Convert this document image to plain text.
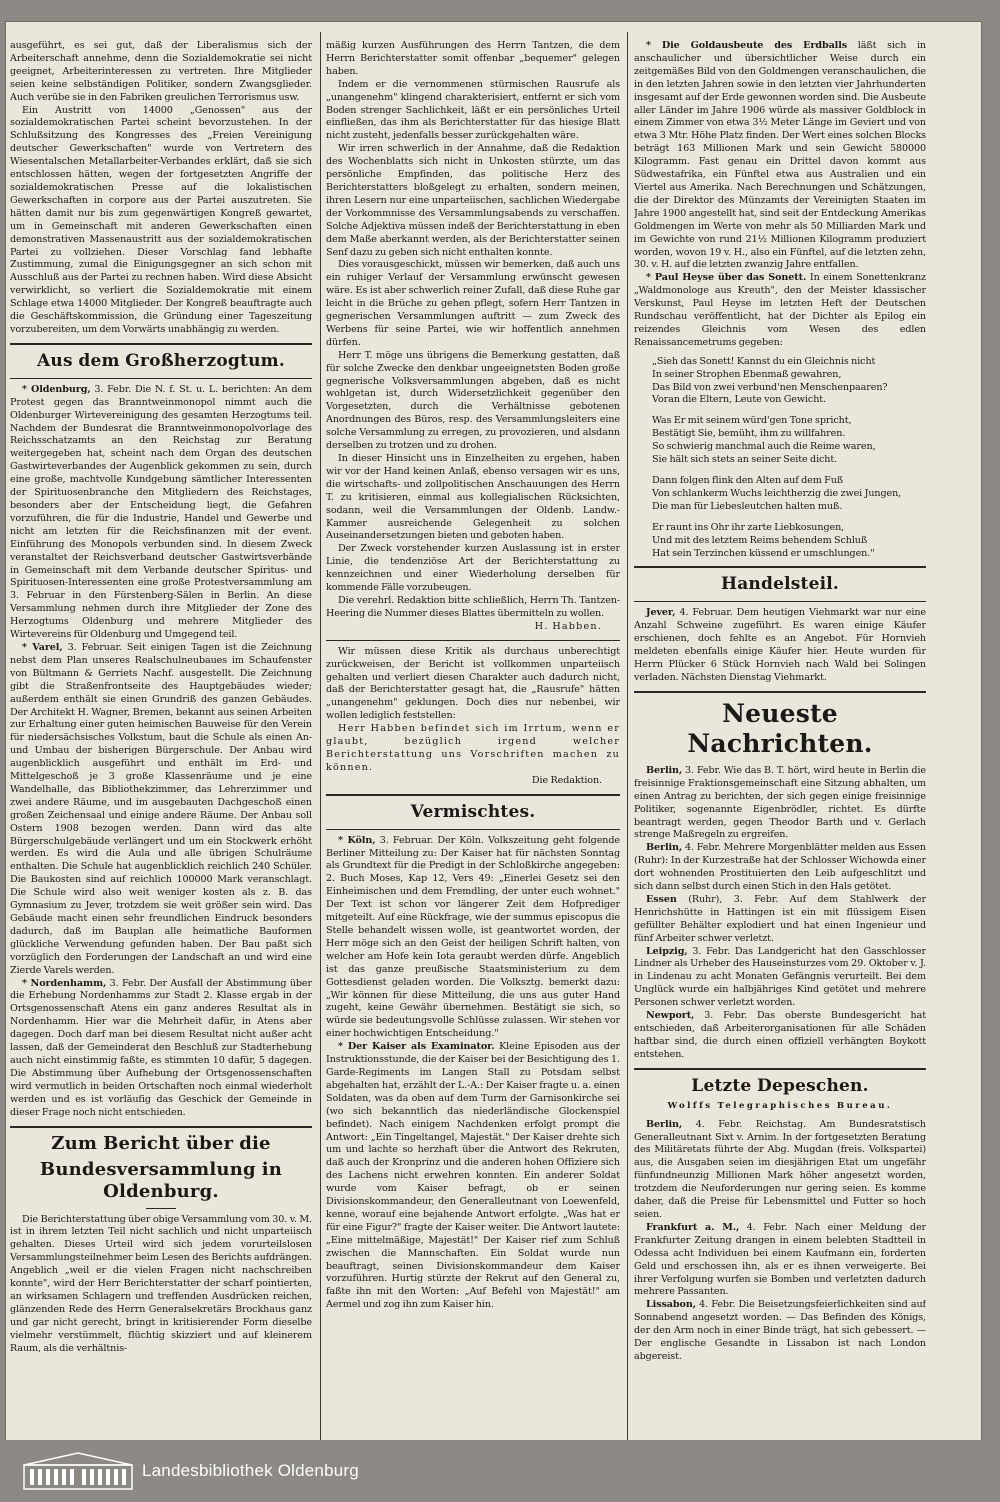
ausgeführt, es sei gut, daß der Liberalismus sich der Arbeiterschaft annehme, denn die Sozialdemokratie sei nicht geeignet, Arbeiterinteressen zu vertreten. Ihre Mitglieder seien keine selbständigen Politiker, sondern Zwangsglieder. Auch verübe sie in den Fabriken greulichen Terrorismus usw.

Ein Austritt von 14000 „Genossen" aus der sozialdemokratischen Partei scheint bevorzustehen. In der Schlußsitzung des Kongresses des „Freien Vereinigung deutscher Gewerkschaften" wurde von Vertretern des Wiesentalschen Metallarbeiter-Verbandes erklärt, daß sie sich entschlossen hätten, wegen der fortgesetzten Angriffe der sozialdemokratischen Presse auf die lokalistischen Gewerkschaften in corpore aus der Partei auszutreten. Sie hätten damit nur bis zum gegenwärtigen Kongreß gewartet, um in Gemeinschaft mit anderen Gewerkschaften einen demonstrativen Massenaustritt aus der sozialdemokratischen Partei zu vollziehen. Dieser Vorschlag fand lebhafte Zustimmung, zumal die Einigungsgegner an sich schon mit Ausschluß aus der Partei zu rechnen haben. Wird diese Absicht verwirklicht, so verliert die Sozialdemokratie mit einem Schlage etwa 14000 Mitglieder. Der Kongreß beauftragte auch die Geschäftskommission, die Gründung einer Tageszeitung vorzubereiten, um dem Vorwärts unabhängig zu werden.

Aus dem Großherzogtum.

* Oldenburg, 3. Febr. Die N. f. St. u. L. berichten: An dem Protest gegen das Branntweinmonopol nimmt auch die Oldenburger Wirtevereinigung des gesamten Herzogtums teil. Nachdem der Bundesrat die Branntweinmonopolvorlage des Reichsschatzamts an den Reichstag zur Beratung weitergegeben hat, scheint nach dem Organ des deutschen Gastwirteverbandes der Augenblick gekommen zu sein, durch eine große, machtvolle Kundgebung sämtlicher Interessenten der Spirituosenbranche den Mitgliedern des Reichstages, besonders aber der Entscheidung liegt, die Gefahren vorzuführen, die für die Industrie, Handel und Gewerbe und nicht am letzten für die Reichsfinanzen mit der event. Einführung des Monopols verbunden sind. In diesem Zweck veranstaltet der Reichsverband deutscher Gastwirtsverbände in Gemeinschaft mit dem Verbande deutscher Spiritus- und Spirituosen-Interessenten eine große Protestversammlung am 3. Februar in den Fürstenberg-Sälen in Berlin. An diese Versammlung nehmen durch ihre Mitglieder der Zone des Herzogtums Oldenburg und mehrere Mitglieder des Wirtevereins für Oldenburg und Umgegend teil.

* Varel, 3. Februar. Seit einigen Tagen ist die Zeichnung nebst dem Plan unseres Realschulneubaues im Schaufenster von Bültmann & Gerriets Nachf. ausgestellt. Die Zeichnung gibt die Straßenfrontseite des Hauptgebäudes wieder; außerdem enthält sie einen Grundriß des ganzen Gebäudes. Der Architekt H. Wagner, Bremen, bekannt aus seinen Arbeiten zur Erhaltung einer guten heimischen Bauweise für den Verein für niedersächsisches Volkstum, baut die Schule als einen An- und Umbau der bisherigen Bürgerschule. Der Anbau wird augenblicklich ausgeführt und enthält im Erd- und Mittelgeschoß je 3 große Klassenräume und je eine Wandelhalle, das Bibliothekzimmer, das Lehrerzimmer und zwei andere Räume, und im ausgebauten Dachgeschoß einen großen Zeichensaal und einige andere Räume. Der Anbau soll Ostern 1908 bezogen werden. Dann wird das alte Bürgerschulgebäude verlängert und um ein Stockwerk erhöht werden. Es wird die Aula und alle übrigen Schulräume enthalten. Die Schule hat augenblicklich reichlich 240 Schüler. Die Baukosten sind auf reichlich 100000 Mark veranschlagt. Die Schule wird also weit weniger kosten als z. B. das Gymnasium zu Jever, trotzdem sie weit größer sein wird. Das Gebäude macht einen sehr freundlichen Eindruck besonders dadurch, daß im Bauplan alle heimatliche Bauformen glückliche Verwendung gefunden haben. Der Bau paßt sich vorzüglich den Forderungen der Landschaft an und wird eine Zierde Varels werden.

* Nordenhamm, 3. Febr. Der Ausfall der Abstimmung über die Erhebung Nordenhamms zur Stadt 2. Klasse ergab in der Ortsgenossenschaft Atens ein ganz anderes Resultat als in Nordenhamm. Hier war die Mehrheit dafür, in Atens aber dagegen. Doch darf man bei diesem Resultat nicht außer acht lassen, daß der Gemeinderat den Beschluß zur Stadterhebung auch nicht einstimmig faßte, es stimmten 10 dafür, 5 dagegen. Die Abstimmung über Aufhebung der Ortsgenossenschaften wird vermutlich in beiden Ortschaften noch einmal wiederholt werden und es ist vorläufig das Geschick der Gemeinde in dieser Frage noch nicht entschieden.

Zum Bericht über die
Bundesversammlung in Oldenburg.

Die Berichterstattung über obige Versammlung vom 30. v. M. ist in ihrem letzten Teil nicht sachlich und nicht unparteiisch gehalten. Dieses Urteil wird sich jedem vorurteilslosen Versammlungsteilnehmer beim Lesen des Berichts aufdrängen. Angeblich „weil er die vielen Fragen nicht nachschreiben konnte", wird der Herr Berichterstatter der scharf pointierten, an wirksamen Schlagern und treffenden Ausdrücken reichen, glänzenden Rede des Herrn Generalsekretärs Brockhaus ganz und gar nicht gerecht, bringt in kritisierender Form dieselbe vielmehr verstümmelt, flüchtig skizziert und auf kleinerem Raum, als die verhältnis-

mäßig kurzen Ausführungen des Herrn Tantzen, die dem Herrn Berichterstatter somit offenbar „bequemer" gelegen haben.

Indem er die vernommenen stürmischen Rausrufe als „unangenehm" klingend charakterisiert, entfernt er sich vom Boden strenger Sachlichkeit, läßt er ein persönliches Urteil einfließen, das ihm als Berichterstatter für das hiesige Blatt nicht zusteht, jedenfalls besser zurückgehalten wäre.

Wir irren schwerlich in der Annahme, daß die Redaktion des Wochenblatts sich nicht in Unkosten stürzte, um das persönliche Empfinden, das politische Herz des Berichterstatters bloßgelegt zu erhalten, sondern meinen, ihren Lesern nur eine unparteiischen, sachlichen Wiedergabe der Vorkommnisse des Versammlungsabends zu verschaffen. Solche Adjektiva müssen indeß der Berichterstattung in eben dem Maße aberkannt werden, als der Berichterstatter seinen Senf dazu zu geben sich nicht enthalten konnte.

Dies vorausgeschickt, müssen wir bemerken, daß auch uns ein ruhiger Verlauf der Versammlung erwünscht gewesen wäre. Es ist aber schwerlich reiner Zufall, daß diese Ruhe gar leicht in die Brüche zu gehen pflegt, sofern Herr Tantzen in gegnerischen Versammlungen auftritt — zum Zweck des Werbens für seine Partei, wie wir hoffentlich annehmen dürfen.

Herr T. möge uns übrigens die Bemerkung gestatten, daß für solche Zwecke den denkbar ungeeignetsten Boden große gegnerische Volksversammlungen abgeben, daß es nicht wohlgetan ist, durch Widersetzlichkeit gegenüber den Vorgesetzten, durch die Verhältnisse gebotenen Anordnungen des Büros, resp. des Versammlungsleiters eine solche Versammlung zu erregen, zu provozieren, und alsdann derselben zu trotzen und zu drohen.

In dieser Hinsicht uns in Einzelheiten zu ergehen, haben wir vor der Hand keinen Anlaß, ebenso versagen wir es uns, die wirtschafts- und zollpolitischen Anschauungen des Herrn T. zu kritisieren, einmal aus kollegialischen Rücksichten, sodann, weil die Versammlungen der Oldenb. Landw.-Kammer ausreichende Gelegenheit zu solchen Auseinandersetzungen bieten und geboten haben.

Der Zweck vorstehender kurzen Auslassung ist in erster Linie, die tendenziöse Art der Berichterstattung zu kennzeichnen und einer Wiederholung derselben für kommende Fälle vorzubeugen.

Die verehrl. Redaktion bitte schließlich, Herrn Th. Tantzen-Heering die Nummer dieses Blattes übermitteln zu wollen.

H. Habben.

Wir müssen diese Kritik als durchaus unberechtigt zurückweisen, der Bericht ist vollkommen unparteiisch gehalten und verliert diesen Charakter auch dadurch nicht, daß der Berichterstatter gesagt hat, die „Rausrufe" hätten „unangenehm" geklungen. Doch dies nur nebenbei, wir wollen lediglich feststellen:

Herr Habben befindet sich im Irrtum, wenn er glaubt, bezüglich irgend welcher Berichterstattung uns Vorschriften machen zu können.

Die Redaktion.

Vermischtes.

* Köln, 3. Februar. Der Köln. Volkszeitung geht folgende Berliner Mitteilung zu: Der Kaiser hat für nächsten Sonntag als Grundtext für die Predigt in der Schloßkirche angegeben: 2. Buch Moses, Kap 12, Vers 49: „Einerlei Gesetz sei den Einheimischen und dem Fremdling, der unter euch wohnet." Der Text ist schon vor längerer Zeit dem Hofprediger mitgeteilt. Auf eine Rückfrage, wie der summus episcopus die Stelle behandelt wissen wolle, ist geantwortet worden, der Herr möge sich an den Geist der heiligen Schrift halten, von welcher am Hofe kein Iota geraubt werden dürfe. Angeblich ist das ganze preußische Staatsministerium zu dem Gottesdienst geladen worden. Die Volksztg. bemerkt dazu: „Wir können für diese Mitteilung, die uns aus guter Hand zugeht, keine Gewähr übernehmen. Bestätigt sie sich, so würde sie bedeutungsvolle Schlüsse zulassen. Wir stehen vor einer hochwichtigen Entscheidung."

* Der Kaiser als Examinator. Kleine Episoden aus der Instruktionsstunde, die der Kaiser bei der Besichtigung des 1. Garde-Regiments im Langen Stall zu Potsdam selbst abgehalten hat, erzählt der L.-A.: Der Kaiser fragte u. a. einen Soldaten, was da oben auf dem Turm der Garnisonkirche sei (wo sich bekanntlich das niederländische Glockenspiel befindet). Nach einigem Nachdenken erfolgt prompt die Antwort: „Ein Tingeltangel, Majestät." Der Kaiser drehte sich um und lachte so herzhaft über die Antwort des Rekruten, daß auch der Kronprinz und die anderen hohen Offiziere sich des Lachens nicht erwehren konnten. Ein anderer Soldat wurde vom Kaiser befragt, ob er seinen Divisionskommandeur, den Generalleutnant von Loewenfeld, kenne, worauf eine bejahende Antwort erfolgte. „Was hat er für eine Figur?" fragte der Kaiser weiter. Die Antwort lautete: „Eine mittelmäßige, Majestät!" Der Kaiser rief zum Schluß zwischen die Mannschaften. Ein Soldat wurde nun beauftragt, seinen Divisionskommandeur dem Kaiser vorzuführen. Hurtig stürzte der Rekrut auf den General zu, faßte ihn mit den Worten: „Auf Befehl von Majestät!" am Aermel und zog ihn zum Kaiser hin.

* Die Goldausbeute des Erdballs läßt sich in anschaulicher und übersichtlicher Weise durch ein zeitgemäßes Bild von den Goldmengen veranschaulichen, die in den letzten Jahren sowie in den letzten vier Jahrhunderten insgesamt auf der Erde gewonnen worden sind. Die Ausbeute aller Länder im Jahre 1906 würde als massiver Goldblock in einem Zimmer von etwa 3½ Meter Länge im Geviert und von etwa 3 Mtr. Höhe Platz finden. Der Wert eines solchen Blocks beträgt 163 Millionen Mark und sein Gewicht 580000 Kilogramm. Fast genau ein Drittel davon kommt aus Südwestafrika, ein Fünftel etwa aus Australien und ein Viertel aus Amerika. Nach Berechnungen und Schätzungen, die der Direktor des Münzamts der Vereinigten Staaten im Jahre 1900 angestellt hat, sind seit der Entdeckung Amerikas Goldmengen im Werte von mehr als 50 Milliarden Mark und im Gewichte von rund 21½ Millionen Kilogramm produziert worden, wovon 19 v. H., also ein Fünftel, auf die letzten zehn, 30. v. H. auf die letzten zwanzig Jahre entfallen.

* Paul Heyse über das Sonett. In einem Sonettenkranz „Waldmonologe aus Kreuth", den der Meister klassischer Verskunst, Paul Heyse im letzten Heft der Deutschen Rundschau veröffentlicht, hat der Dichter als Epilog ein reizendes Gleichnis vom Wesen des edlen Renaissancemetrums gegeben:

„Sieh das Sonett! Kannst du ein Gleichnis nicht

In seiner Strophen Ebenmaß gewahren,

Das Bild von zwei verbund'nen Menschenpaaren?

Voran die Eltern, Leute von Gewicht.

Was Er mit seinem würd'gen Tone spricht,

Bestätigt Sie, bemüht, ihm zu willfahren.

So schwierig manchmal auch die Reime waren,

Sie hält sich stets an seiner Seite dicht.

Dann folgen flink den Alten auf dem Fuß

Von schlankerm Wuchs leichtherzig die zwei Jungen,

Die man für Liebesleutchen halten muß.

Er raunt ins Ohr ihr zarte Liebkosungen,

Und mit des letztem Reims behendem Schluß

Hat sein Terzinchen küssend er umschlungen."

Handelsteil.

Jever, 4. Februar. Dem heutigen Viehmarkt war nur eine Anzahl Schweine zugeführt. Es waren einige Käufer erschienen, doch fehlte es an Angebot. Für Hornvieh meldeten ebenfalls einige Käufer hier. Heute wurden für Herrn Plücker 6 Stück Hornvieh nach Wald bei Solingen verladen. Nächsten Dienstag Viehmarkt.

Neueste Nachrichten.

Berlin, 3. Febr. Wie das B. T. hört, wird heute in Berlin die freisinnige Fraktionsgemeinschaft eine Sitzung abhalten, um einen Antrag zu berichten, der sich gegen einige freisinnige Politiker, sogenannte Eigenbrödler, richtet. Es dürfte beantragt werden, gegen Theodor Barth und v. Gerlach strenge Maßregeln zu ergreifen.

Berlin, 4. Febr. Mehrere Morgenblätter melden aus Essen (Ruhr): In der Kurzestraße hat der Schlosser Wichowda einer dort wohnenden Prostituierten den Leib aufgeschlitzt und sich dann selbst durch einen Stich in den Hals getötet.

Essen (Ruhr), 3. Febr. Auf dem Stahlwerk der Henrichshütte in Hattingen ist ein mit flüssigem Eisen gefüllter Behälter explodiert und hat einen Ingenieur und fünf Arbeiter schwer verletzt.

Leipzig, 3. Febr. Das Landgericht hat den Gasschlosser Lindner als Urheber des Hauseinsturzes vom 29. Oktober v. J. in Lindenau zu acht Monaten Gefängnis verurteilt. Bei dem Unglück wurde ein halbjähriges Kind getötet und mehrere Personen schwer verletzt worden.

Newport, 3. Febr. Das oberste Bundesgericht hat entschieden, daß Arbeiterorganisationen für alle Schäden haftbar sind, die durch einen offiziell verhängten Boykott entstehen.

Letzte Depeschen.
Wolffs Telegraphisches Bureau.

Berlin, 4. Febr. Reichstag. Am Bundesratstisch Generalleutnant Sixt v. Arnim. In der fortgesetzten Beratung des Militäretats führte der Abg. Mugdan (freis. Volkspartei) aus, die Ausgaben seien im diesjährigen Etat um ungefähr fünfundneunzig Millionen Mark höher angesetzt worden, trotzdem die Neuforderungen nur gering seien. Es komme daher, daß die Preise für Lebensmittel und Futter so hoch seien.

Frankfurt a. M., 4. Febr. Nach einer Meldung der Frankfurter Zeitung drangen in einem belebten Stadtteil in Odessa acht Individuen bei einem Kaufmann ein, forderten Geld und erschossen ihn, als er es ihnen verweigerte. Bei ihrer Verfolgung wurfen sie Bomben und verletzten dadurch mehrere Passanten.

Lissabon, 4. Febr. Die Beisetzungsfeierlichkeiten sind auf Sonnabend angesetzt worden. — Das Befinden des Königs, der den Arm noch in einer Binde trägt, hat sich gebessert. — Der englische Gesandte in Lissabon ist nach London abgereist.

Landesbibliothek Oldenburg
